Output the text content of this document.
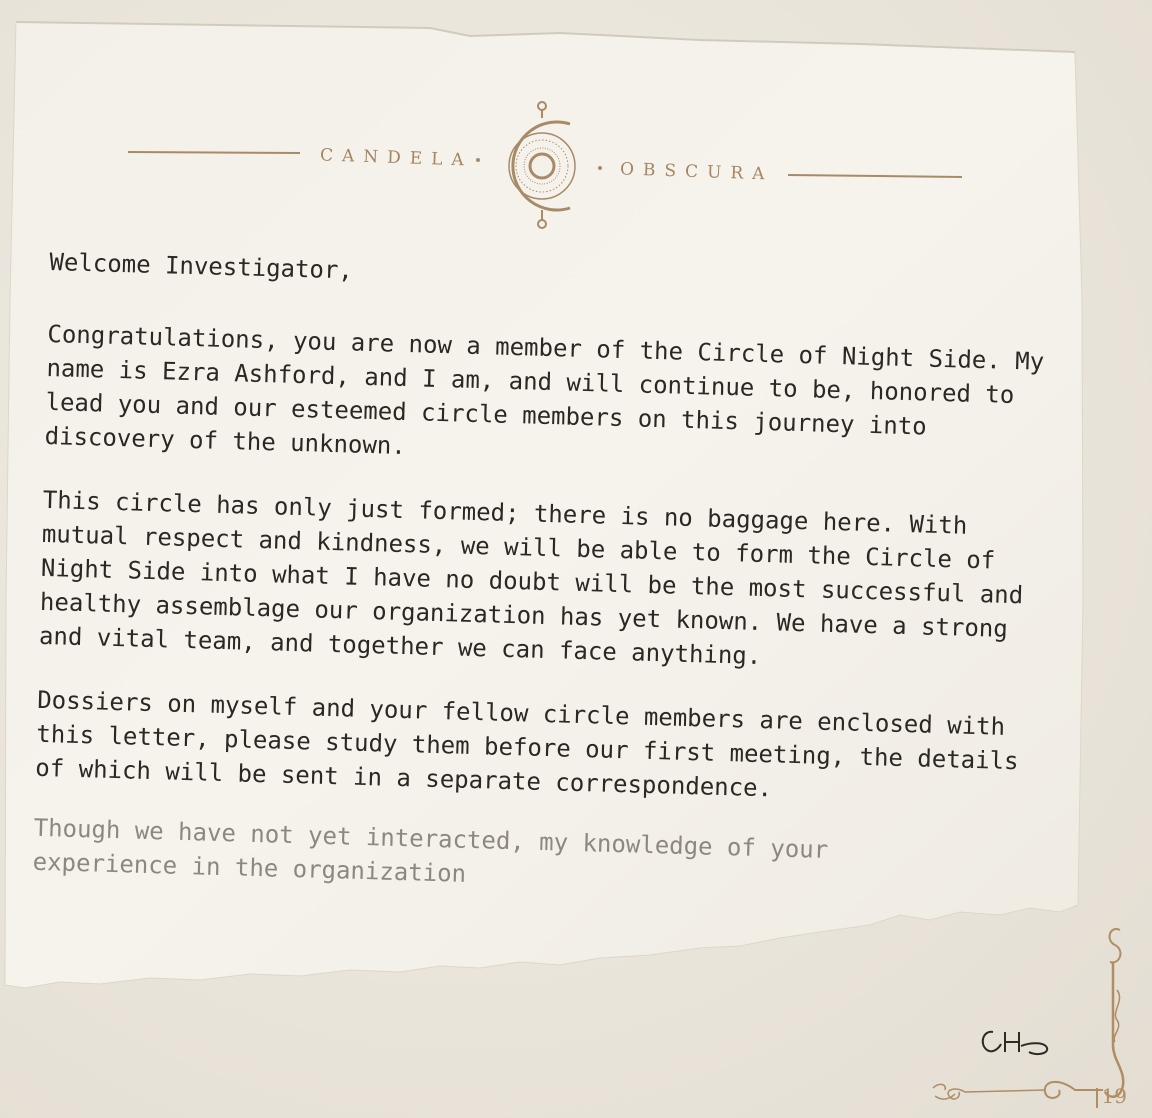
CANDELA
OBSCURA

Welcome Investigator,

Congratulations, you are now a member of the Circle of Night Side. My name is Ezra Ashford, and I am, and will continue to be, honored to lead you and our esteemed circle members on this journey into discovery of the unknown.

This circle has only just formed; there is no baggage here. With mutual respect and kindness, we will be able to form the Circle of Night Side into what I have no doubt will be the most successful and healthy assemblage our organization has yet known. We have a strong and vital team, and together we can face anything.

Dossiers on myself and your fellow circle members are enclosed with this letter, please study them before our first meeting, the details of which will be sent in a separate correspondence.

Though we have not yet interacted, my knowledge of your experience in the organization

19
